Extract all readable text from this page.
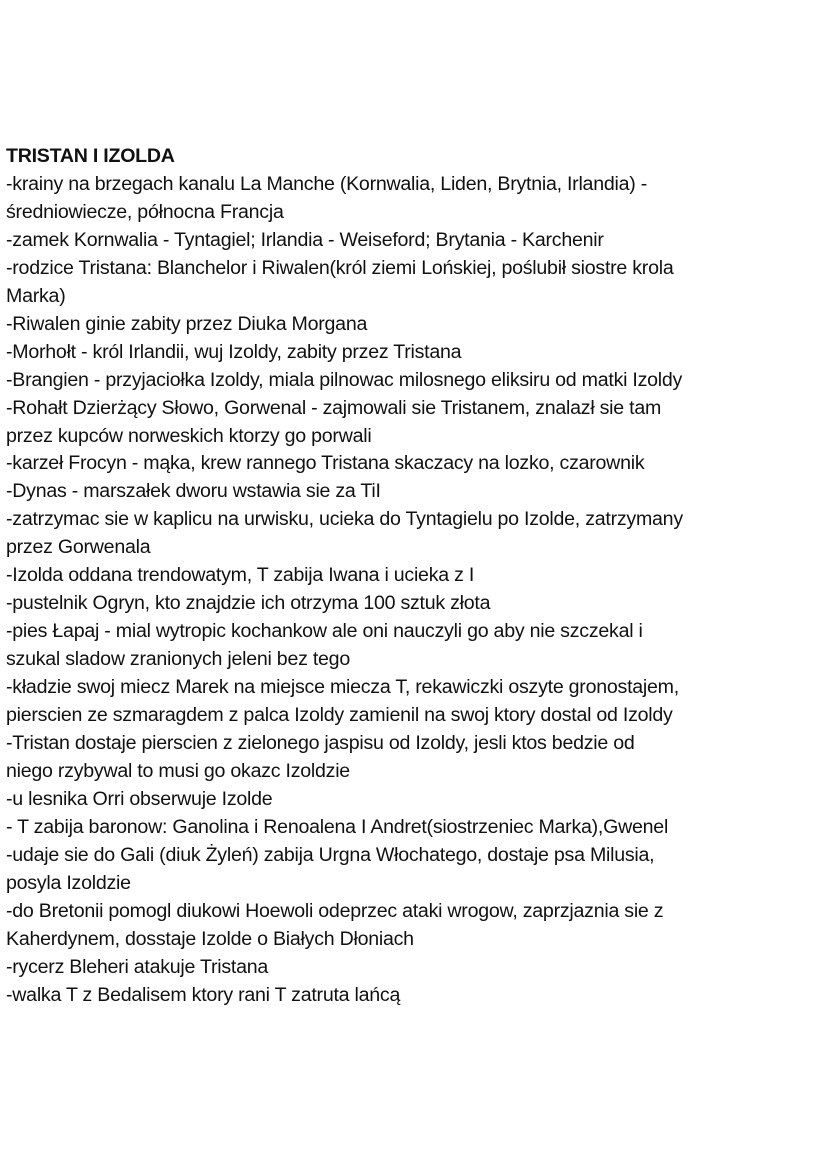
TRISTAN I IZOLDA
-krainy na brzegach kanalu La Manche (Kornwalia, Liden, Brytnia, Irlandia) -
średniowiecze, północna Francja
-zamek Kornwalia - Tyntagiel; Irlandia - Weiseford; Brytania - Karchenir
-rodzice Tristana: Blanchelor i Riwalen(król ziemi Lońskiej, poślubił siostre krola
Marka)
-Riwalen ginie zabity przez Diuka Morgana
-Morhołt - król Irlandii, wuj Izoldy, zabity przez Tristana
-Brangien - przyjaciołka Izoldy, miala pilnowac milosnego eliksiru od matki Izoldy
-Rohałt Dzierżący Słowo, Gorwenal - zajmowali sie Tristanem, znalazł sie tam
przez kupców norweskich ktorzy go porwali
-karzeł Frocyn - mąka, krew rannego Tristana skaczacy na lozko, czarownik
-Dynas - marszałek dworu wstawia sie za TiI
-zatrzymac sie w kaplicu na urwisku, ucieka do Tyntagielu po Izolde, zatrzymany
przez Gorwenala
-Izolda oddana trendowatym, T zabija Iwana i ucieka z I
-pustelnik Ogryn, kto znajdzie ich otrzyma 100 sztuk złota
-pies Łapaj - mial wytropic kochankow ale oni nauczyli go aby nie szczekal i
szukal sladow zranionych jeleni bez tego
-kładzie swoj miecz Marek na miejsce miecza T, rekawiczki oszyte gronostajem,
pierscien ze szmaragdem z palca Izoldy zamienil na swoj ktory dostal od Izoldy
-Tristan dostaje pierscien z zielonego jaspisu od Izoldy, jesli ktos bedzie od
niego rzybywal to musi go okazc Izoldzie
-u lesnika Orri obserwuje Izolde
- T zabija baronow: Ganolina i Renoalena I Andret(siostrzeniec Marka),Gwenel
-udaje sie do Gali (diuk Żyleń) zabija Urgna Włochatego, dostaje psa Milusia,
posyla Izoldzie
-do Bretonii pomogl diukowi Hoewoli odeprzec ataki wrogow, zaprzjaznia sie z
Kaherdynem, dosstaje Izolde o Białych Dłoniach
-rycerz Bleheri atakuje Tristana
-walka T z Bedalisem ktory rani T zatruta lańcą
